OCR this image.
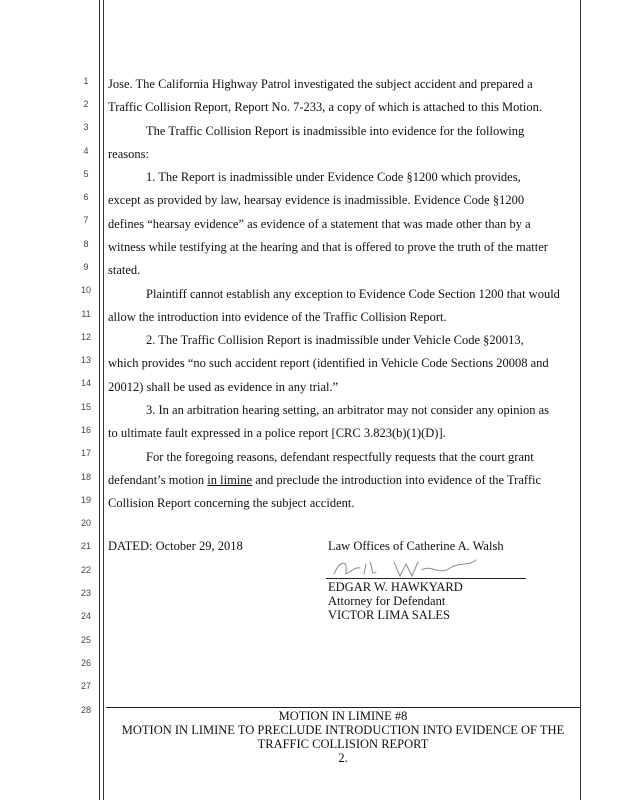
1
2
3
4
5
6
7
8
9
10
11
12
13
14
15
16
17
18
19
20
21
22
23
24
25
26
27
28
Jose. The California Highway Patrol investigated the subject accident and prepared a
Traffic Collision Report, Report No. 7-233, a copy of which is attached to this Motion.
The Traffic Collision Report is inadmissible into evidence for the following
reasons:
1. The Report is inadmissible under Evidence Code §1200 which provides,
except as provided by law, hearsay evidence is inadmissible. Evidence Code §1200
defines “hearsay evidence” as evidence of a statement that was made other than by a
witness while testifying at the hearing and that is offered to prove the truth of the matter
stated.
Plaintiff cannot establish any exception to Evidence Code Section 1200 that would
allow the introduction into evidence of the Traffic Collision Report.
2. The Traffic Collision Report is inadmissible under Vehicle Code §20013,
which provides “no such accident report (identified in Vehicle Code Sections 20008 and
20012) shall be used as evidence in any trial.”
3. In an arbitration hearing setting, an arbitrator may not consider any opinion as
to ultimate fault expressed in a police report [CRC 3.823(b)(1)(D)].
For the foregoing reasons, defendant respectfully requests that the court grant
defendant’s motion in limine and preclude the introduction into evidence of the Traffic
Collision Report concerning the subject accident.
DATED: October 29, 2018	Law Offices of Catherine A. Walsh
EDGAR W. HAWKYARD
Attorney for Defendant
VICTOR LIMA SALES
MOTION IN LIMINE #8
MOTION IN LIMINE TO PRECLUDE INTRODUCTION INTO EVIDENCE OF THE
TRAFFIC COLLISION REPORT
2.
